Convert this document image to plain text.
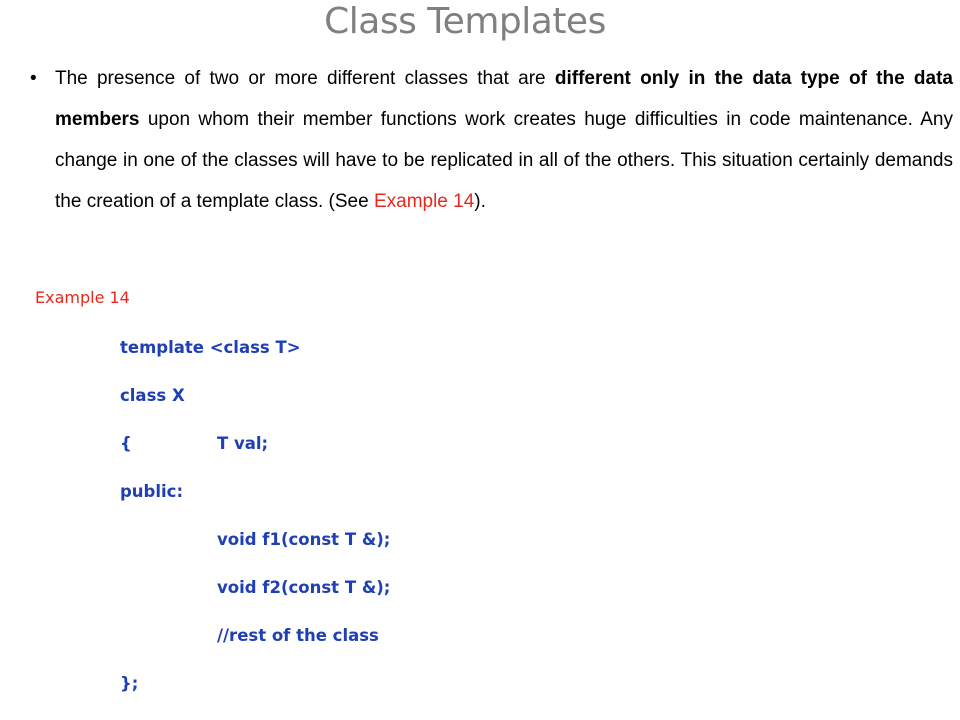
Class Templates
• The presence of two or more different classes that are different only in the data type of the data members upon whom their member functions work creates huge difficulties in code maintenance. Any change in one of the classes will have to be replicated in all of the others. This situation certainly demands the creation of a template class. (See Example 14).
Example 14
template <class T>
class X
{	T val;
public:
void f1(const T &);
void f2(const T &);
//rest of the class
};
